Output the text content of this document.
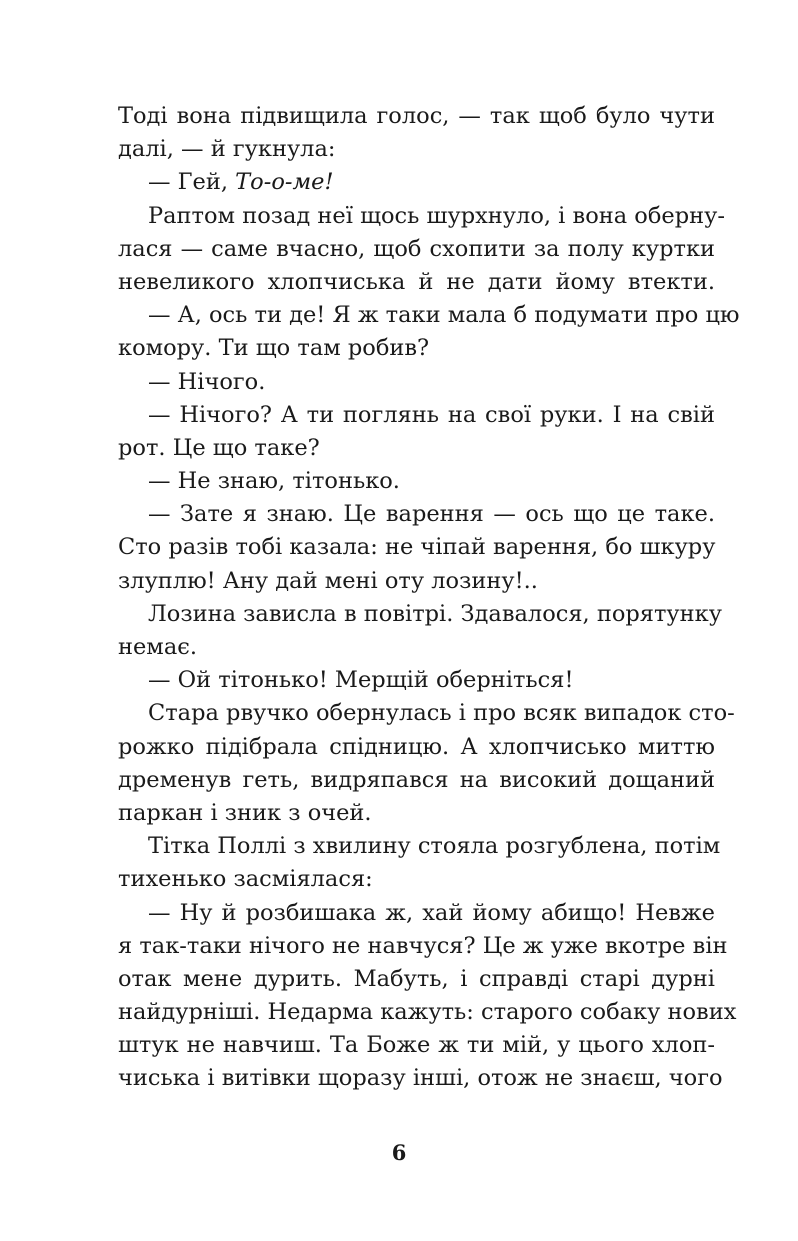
Тоді вона підвищила голос, — так щоб було чути
далі, — й гукнула:
— Гей, То-о-ме!
Раптом позад неї щось шурхнуло, і вона оберну-
лася — саме вчасно, щоб схопити за полу куртки
невеликого хлопчиська й не дати йому втекти.
— А, ось ти де! Я ж таки мала б подумати про цю
комору. Ти що там робив?
— Нічого.
— Нічого? А ти поглянь на свої руки. І на свій
рот. Це що таке?
— Не знаю, тітонько.
— Зате я знаю. Це варення — ось що це таке.
Сто разів тобі казала: не чіпай варення, бо шкуру
злуплю! Ану дай мені оту лозину!..
Лозина зависла в повітрі. Здавалося, порятунку
немає.
— Ой тітонько! Мерщій оберніться!
Стара рвучко обернулась і про всяк випадок сто-
рожко підібрала спідницю. А хлопчисько миттю
дременув геть, видряпався на високий дощаний
паркан і зник з очей.
Тітка Поллі з хвилину стояла розгублена, потім
тихенько засміялася:
— Ну й розбишака ж, хай йому абищо! Невже
я так-таки нічого не навчуся? Це ж уже вкотре він
отак мене дурить. Мабуть, і справді старі дурні
найдурніші. Недарма кажуть: старого собаку нових
штук не навчиш. Та Боже ж ти мій, у цього хлоп-
чиська і витівки щоразу інші, отож не знаєш, чого
6
